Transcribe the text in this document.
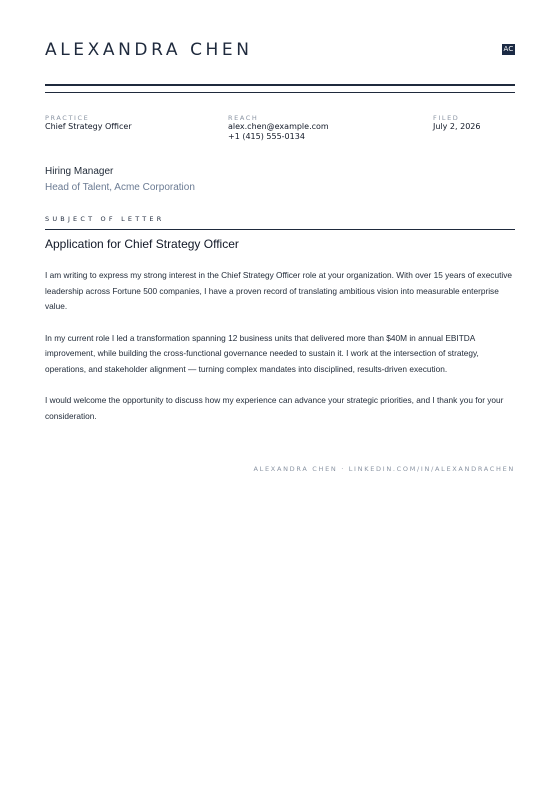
ALEXANDRA CHEN	AC
PRACTICE
Chief Strategy Officer
REACH
alex.chen@example.com
+1 (415) 555-0134
FILED
July 2, 2026
Hiring Manager
Head of Talent, Acme Corporation
SUBJECT OF LETTER
Application for Chief Strategy Officer

I am writing to express my strong interest in the Chief Strategy Officer role at your organization. With over 15 years of executive leadership across Fortune 500 companies, I have a proven record of translating ambitious vision into measurable enterprise value.

In my current role I led a transformation spanning 12 business units that delivered more than $40M in annual EBITDA improvement, while building the cross-functional governance needed to sustain it. I work at the intersection of strategy, operations, and stakeholder alignment — turning complex mandates into disciplined, results-driven execution.

I would welcome the opportunity to discuss how my experience can advance your strategic priorities, and I thank you for your consideration.

ALEXANDRA CHEN · LINKEDIN.COM/IN/ALEXANDRACHEN
